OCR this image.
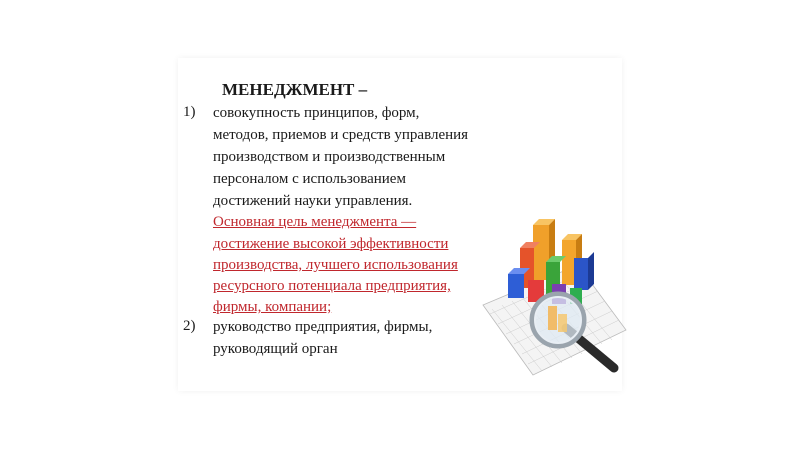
МЕНЕДЖМЕНТ –
1) совокупность принципов, форм,
методов, приемов и средств управления
производством и производственным
персоналом с использованием
достижений науки управления.
Основная цель менеджмента —
достижение высокой эффективности
производства, лучшего использования
ресурсного потенциала предприятия,
фирмы, компании;
2) руководство предприятия, фирмы,
руководящий орган
